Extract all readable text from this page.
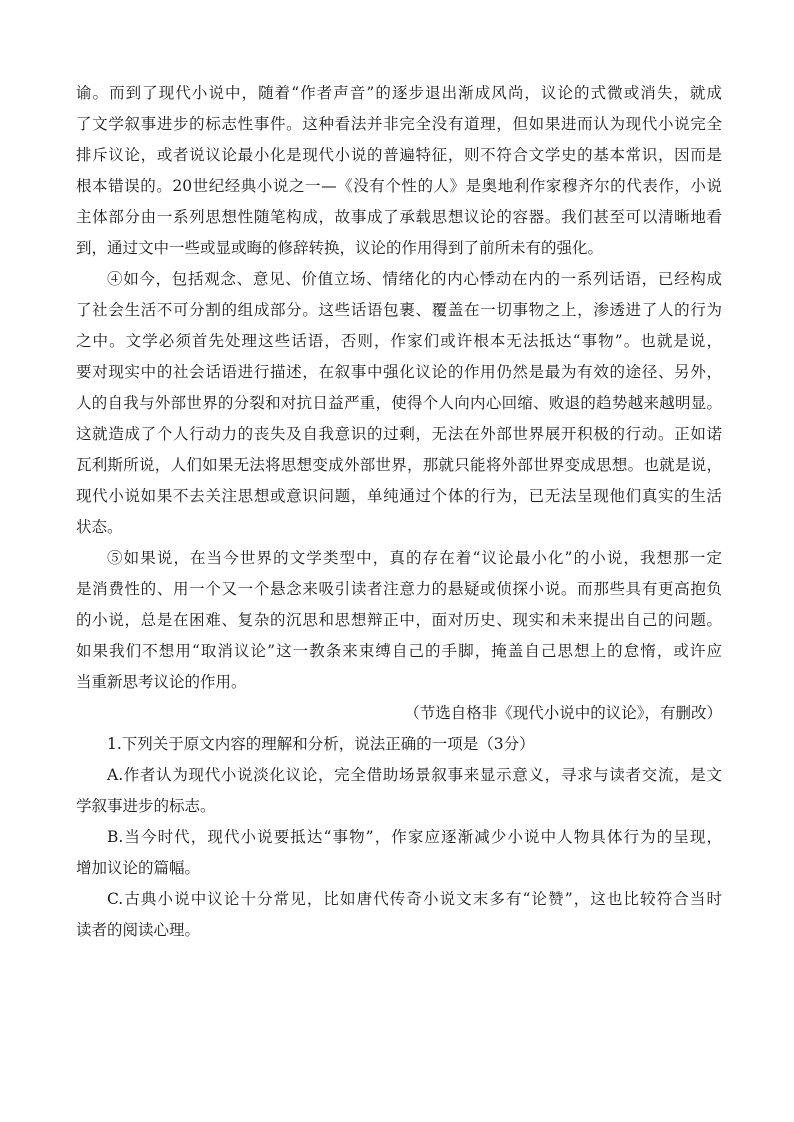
谕。而到了现代小说中，随着“作者声音”的逐步退出渐成风尚，议论的式微或消失，就成
了文学叙事进步的标志性事件。这种看法并非完全没有道理，但如果进而认为现代小说完全
排斥议论，或者说议论最小化是现代小说的普遍特征，则不符合文学史的基本常识，因而是
根本错误的。20世纪经典小说之一—《没有个性的人》是奥地利作家穆齐尔的代表作，小说
主体部分由一系列思想性随笔构成，故事成了承载思想议论的容器。我们甚至可以清晰地看
到，通过文中一些或显或晦的修辞转换，议论的作用得到了前所未有的强化。
④如今，包括观念、意见、价值立场、情绪化的内心悸动在内的一系列话语，已经构成
了社会生活不可分割的组成部分。这些话语包裹、覆盖在一切事物之上，渗透进了人的行为
之中。文学必须首先处理这些话语，否则，作家们或许根本无法抵达“事物”。也就是说，
要对现实中的社会话语进行描述，在叙事中强化议论的作用仍然是最为有效的途径、另外，
人的自我与外部世界的分裂和对抗日益严重，使得个人向内心回缩、败退的趋势越来越明显。
这就造成了个人行动力的丧失及自我意识的过剩，无法在外部世界展开积极的行动。正如诺
瓦利斯所说，人们如果无法将思想变成外部世界，那就只能将外部世界变成思想。也就是说，
现代小说如果不去关注思想或意识问题，单纯通过个体的行为，已无法呈现他们真实的生活
状态。
⑤如果说，在当今世界的文学类型中，真的存在着“议论最小化”的小说，我想那一定
是消费性的、用一个又一个悬念来吸引读者注意力的悬疑或侦探小说。而那些具有更高抱负
的小说，总是在困难、复杂的沉思和思想辩正中，面对历史、现实和未来提出自己的问题。
如果我们不想用“取消议论”这一教条来束缚自己的手脚，掩盖自己思想上的怠惰，或许应
当重新思考议论的作用。
（节选自格非《现代小说中的议论》，有删改）
1.下列关于原文内容的理解和分析，说法正确的一项是（3分）
A.作者认为现代小说淡化议论，完全借助场景叙事来显示意义，寻求与读者交流，是文
学叙事进步的标志。
B.当今时代，现代小说要抵达“事物”，作家应逐渐减少小说中人物具体行为的呈现，
增加议论的篇幅。
C.古典小说中议论十分常见，比如唐代传奇小说文末多有“论赞”，这也比较符合当时
读者的阅读心理。
